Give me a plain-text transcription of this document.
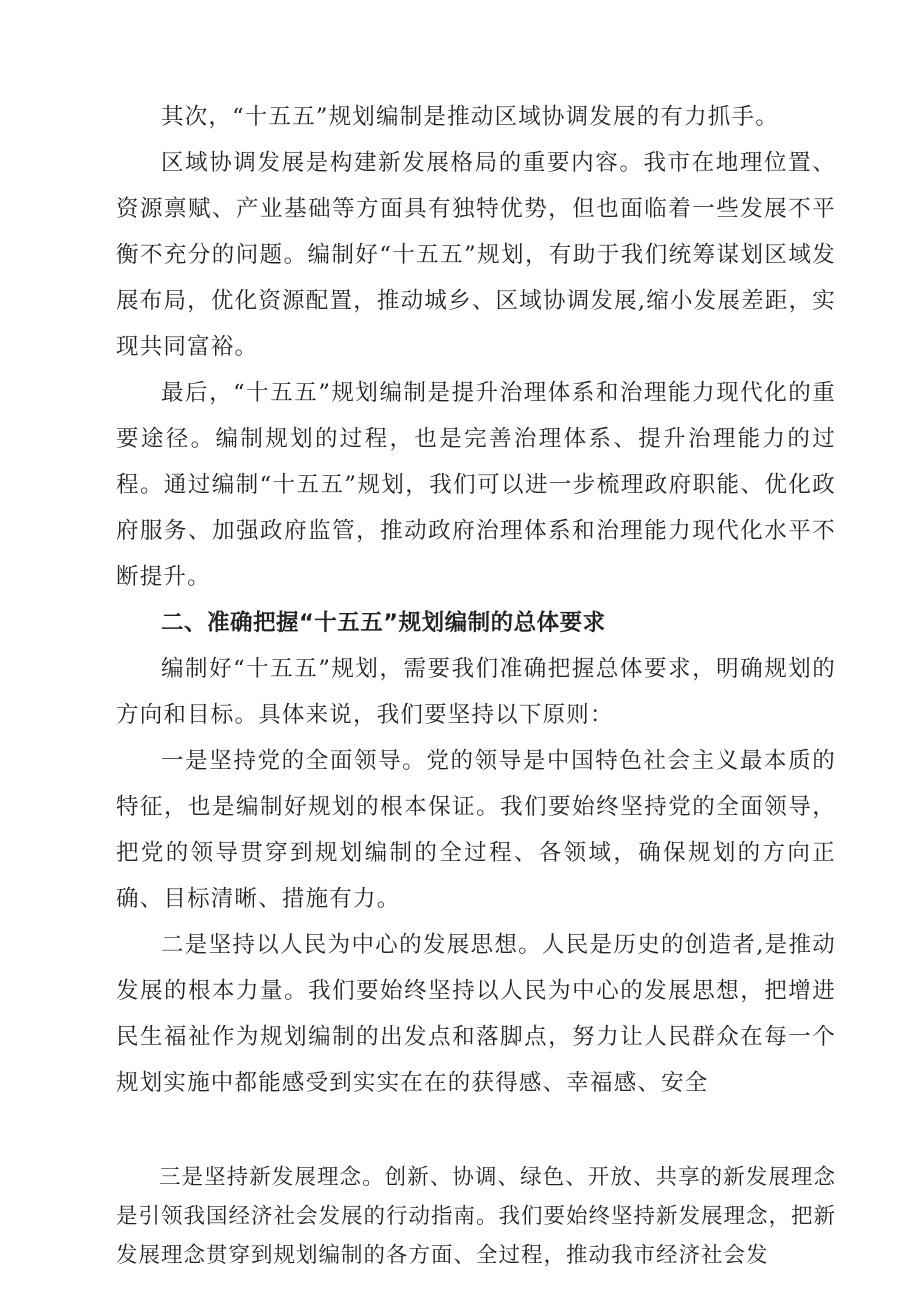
其次，“十五五”规划编制是推动区域协调发展的有力抓手。

区域协调发展是构建新发展格局的重要内容。我市在地理位置、资源禀赋、产业基础等方面具有独特优势，但也面临着一些发展不平衡不充分的问题。编制好“十五五”规划，有助于我们统筹谋划区域发展布局，优化资源配置，推动城乡、区域协调发展,缩小发展差距，实现共同富裕。

最后，“十五五”规划编制是提升治理体系和治理能力现代化的重要途径。编制规划的过程，也是完善治理体系、提升治理能力的过程。通过编制“十五五”规划，我们可以进一步梳理政府职能、优化政府服务、加强政府监管，推动政府治理体系和治理能力现代化水平不断提升。

二、准确把握“十五五”规划编制的总体要求

编制好“十五五”规划，需要我们准确把握总体要求，明确规划的方向和目标。具体来说，我们要坚持以下原则：

一是坚持党的全面领导。党的领导是中国特色社会主义最本质的特征，也是编制好规划的根本保证。我们要始终坚持党的全面领导，把党的领导贯穿到规划编制的全过程、各领域，确保规划的方向正确、目标清晰、措施有力。

二是坚持以人民为中心的发展思想。人民是历史的创造者,是推动发展的根本力量。我们要始终坚持以人民为中心的发展思想，把增进民生福祉作为规划编制的出发点和落脚点，努力让人民群众在每一个规划实施中都能感受到实实在在的获得感、幸福感、安全

三是坚持新发展理念。创新、协调、绿色、开放、共享的新发展理念是引领我国经济社会发展的行动指南。我们要始终坚持新发展理念，把新发展理念贯穿到规划编制的各方面、全过程，推动我市经济社会发
